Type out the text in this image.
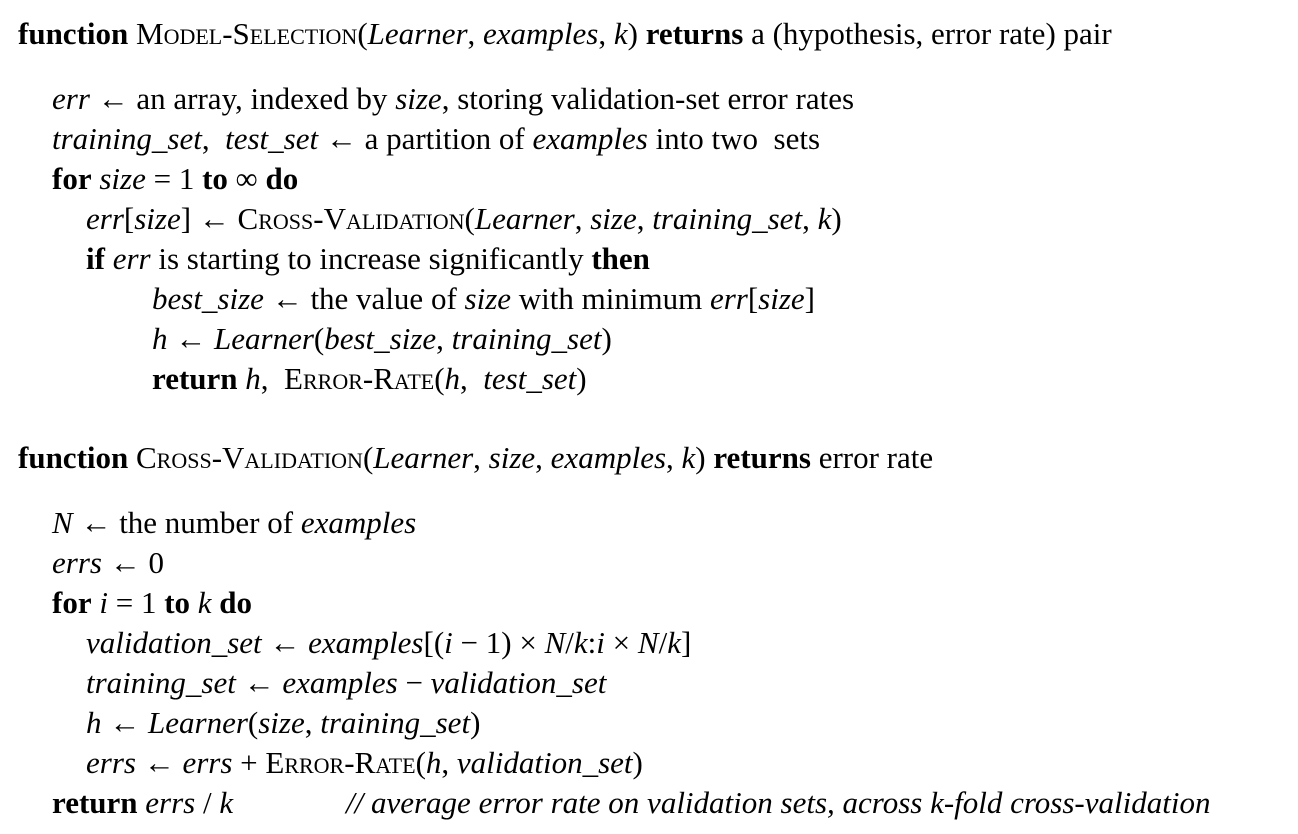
function Model-Selection(Learner, examples, k) returns a (hypothesis, error rate) pair
err ← an array, indexed by size, storing validation-set error rates
training_set,  test_set ← a partition of examples into two  sets
for size = 1 to ∞ do
err[size] ← Cross-Validation(Learner, size, training_set, k)
if err is starting to increase significantly then
best_size ← the value of size with minimum err[size]
h ← Learner(best_size, training_set)
return h,  Error-Rate(h,  test_set)
function Cross-Validation(Learner, size, examples, k) returns error rate
N ← the number of examples
errs ← 0
for i = 1 to k do
validation_set ← examples[(i − 1) × N/k:i × N/k]
training_set ← examples − validation_set
h ← Learner(size, training_set)
errs ← errs + Error-Rate(h, validation_set)
return errs / k	// average error rate on validation sets, across k-fold cross-validation
